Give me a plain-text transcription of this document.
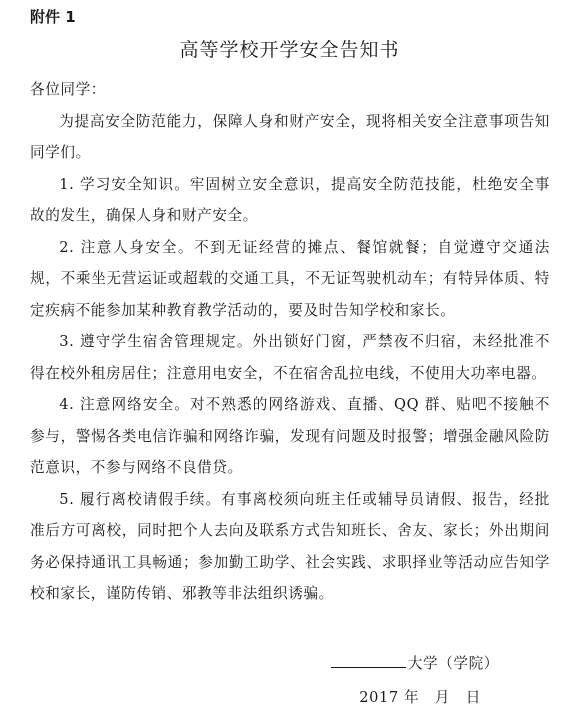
附件 1
高等学校开学安全告知书

各位同学：

为提高安全防范能力，保障人身和财产安全，现将相关安全注意事项告知同学们。

1. 学习安全知识。牢固树立安全意识，提高安全防范技能，杜绝安全事故的发生，确保人身和财产安全。

2. 注意人身安全。不到无证经营的摊点、餐馆就餐；自觉遵守交通法规，不乘坐无营运证或超载的交通工具，不无证驾驶机动车；有特异体质、特定疾病不能参加某种教育教学活动的，要及时告知学校和家长。

3. 遵守学生宿舍管理规定。外出锁好门窗，严禁夜不归宿，未经批准不得在校外租房居住；注意用电安全，不在宿舍乱拉电线，不使用大功率电器。

4. 注意网络安全。对不熟悉的网络游戏、直播、QQ 群、贴吧不接触不参与，警惕各类电信诈骗和网络诈骗，发现有问题及时报警；增强金融风险防范意识，不参与网络不良借贷。

5. 履行离校请假手续。有事离校须向班主任或辅导员请假、报告，经批准后方可离校，同时把个人去向及联系方式告知班长、舍友、家长；外出期间务必保持通讯工具畅通；参加勤工助学、社会实践、求职择业等活动应告知学校和家长，谨防传销、邪教等非法组织诱骗。

大学（学院）
2017 年   月   日
